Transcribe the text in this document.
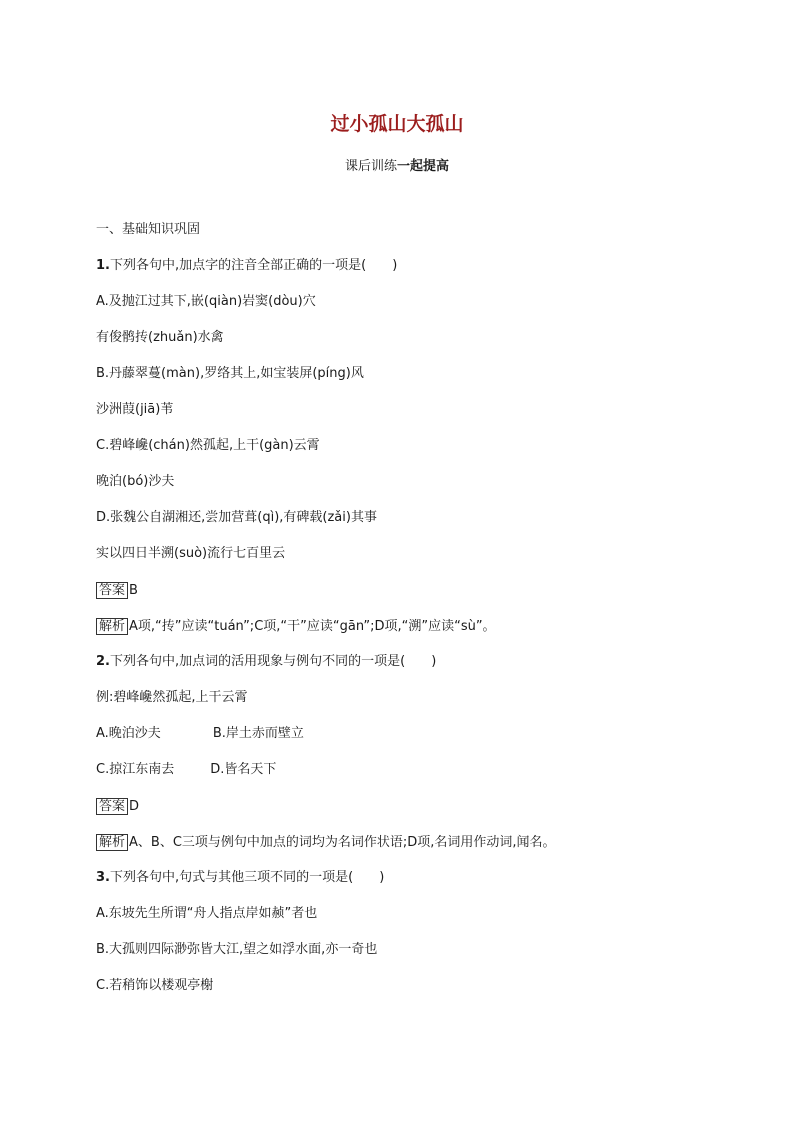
过小孤山大孤山
课后训练一起提高
一、基础知识巩固
1.下列各句中,加点字的注音全部正确的一项是(　　)
A.及抛江过其下,嵌(qiàn)岩窦(dòu)穴
有俊鹘抟(zhuǎn)水禽
B.丹藤翠蔓(màn),罗络其上,如宝装屏(píng)风
沙洲葭(jiā)苇
C.碧峰巉(chán)然孤起,上干(gàn)云霄
晚泊(bó)沙夫
D.张魏公自湖湘还,尝加营葺(qì),有碑载(zǎi)其事
实以四日半溯(suò)流行七百里云
答案 B
解析 A项,“抟”应读“tuán”;C项,“干”应读“gān”;D项,“溯”应读“sù”。
2.下列各句中,加点词的活用现象与例句不同的一项是(　　)
例:碧峰巉然孤起,上干云霄
A.晚泊沙夫	B.岸土赤而壁立
C.掠江东南去	D.皆名天下
答案 D
解析 A、B、C三项与例句中加点的词均为名词作状语;D项,名词用作动词,闻名。
3.下列各句中,句式与其他三项不同的一项是(　　)
A.东坡先生所谓“舟人指点岸如赪”者也
B.大孤则四际渺弥皆大江,望之如浮水面,亦一奇也
C.若稍饰以楼观亭榭
